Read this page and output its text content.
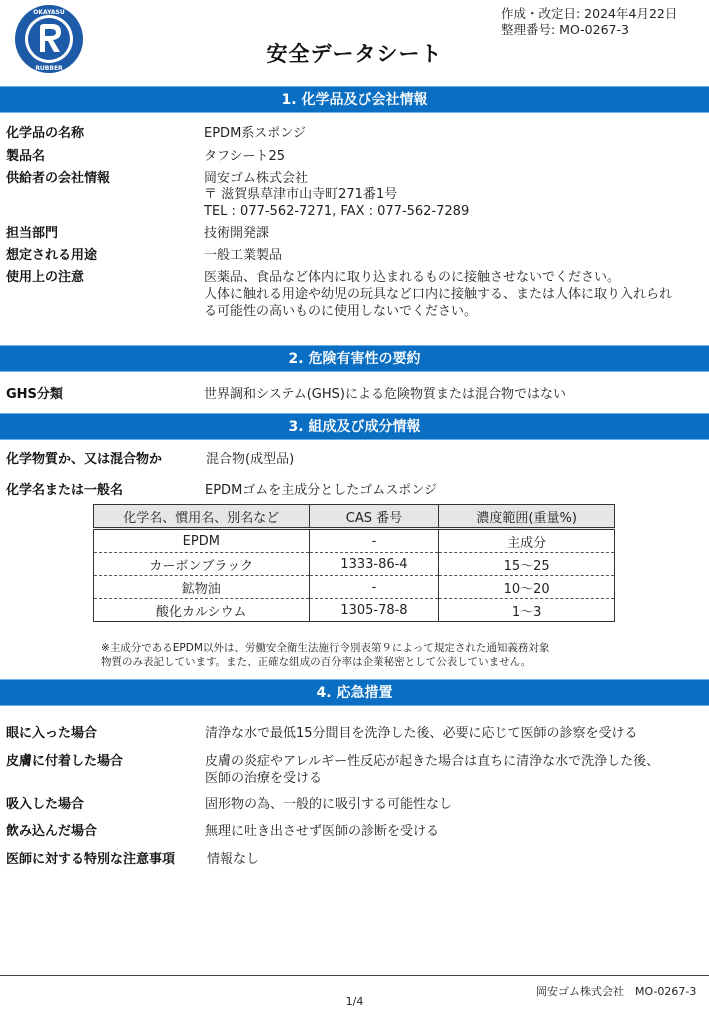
OKAYASU
RUBBER
作成・改定日: 2024年4月22日
整理番号: MO-0267-3
安全データシート
1. 化学品及び会社情報
化学品の名称	EPDM系スポンジ
製品名	タフシート25
供給者の会社情報	岡安ゴム株式会社
〒 滋賀県草津市山寺町271番1号
TEL : 077-562-7271, FAX : 077-562-7289
担当部門	技術開発課
想定される用途	一般工業製品
使用上の注意	医薬品、食品など体内に取り込まれるものに接触させないでください。
人体に触れる用途や幼児の玩具など口内に接触する、または人体に取り入れられ
る可能性の高いものに使用しないでください。
2. 危険有害性の要約
GHS分類	世界調和システム(GHS)による危険物質または混合物ではない
3. 組成及び成分情報
化学物質か、又は混合物か	混合物(成型品)
化学名または一般名	EPDMゴムを主成分としたゴムスポンジ
化学名、慣用名、別名など	CAS 番号	濃度範囲(重量%)
EPDM	-	主成分
カーボンブラック	1333-86-4	15〜25
鉱物油	-	10〜20
酸化カルシウム	1305-78-8	1〜3
※主成分であるEPDM以外は、労働安全衛生法施行令別表第９によって規定された通知義務対象
物質のみ表記しています。また、正確な組成の百分率は企業秘密として公表していません。
4. 応急措置
眼に入った場合	清浄な水で最低15分間目を洗浄した後、必要に応じて医師の診察を受ける
皮膚に付着した場合	皮膚の炎症やアレルギー性反応が起きた場合は直ちに清浄な水で洗浄した後、
医師の治療を受ける
吸入した場合	固形物の為、一般的に吸引する可能性なし
飲み込んだ場合	無理に吐き出させず医師の診断を受ける
医師に対する特別な注意事項 情報なし
岡安ゴム株式会社　MO-0267-3
1/4
